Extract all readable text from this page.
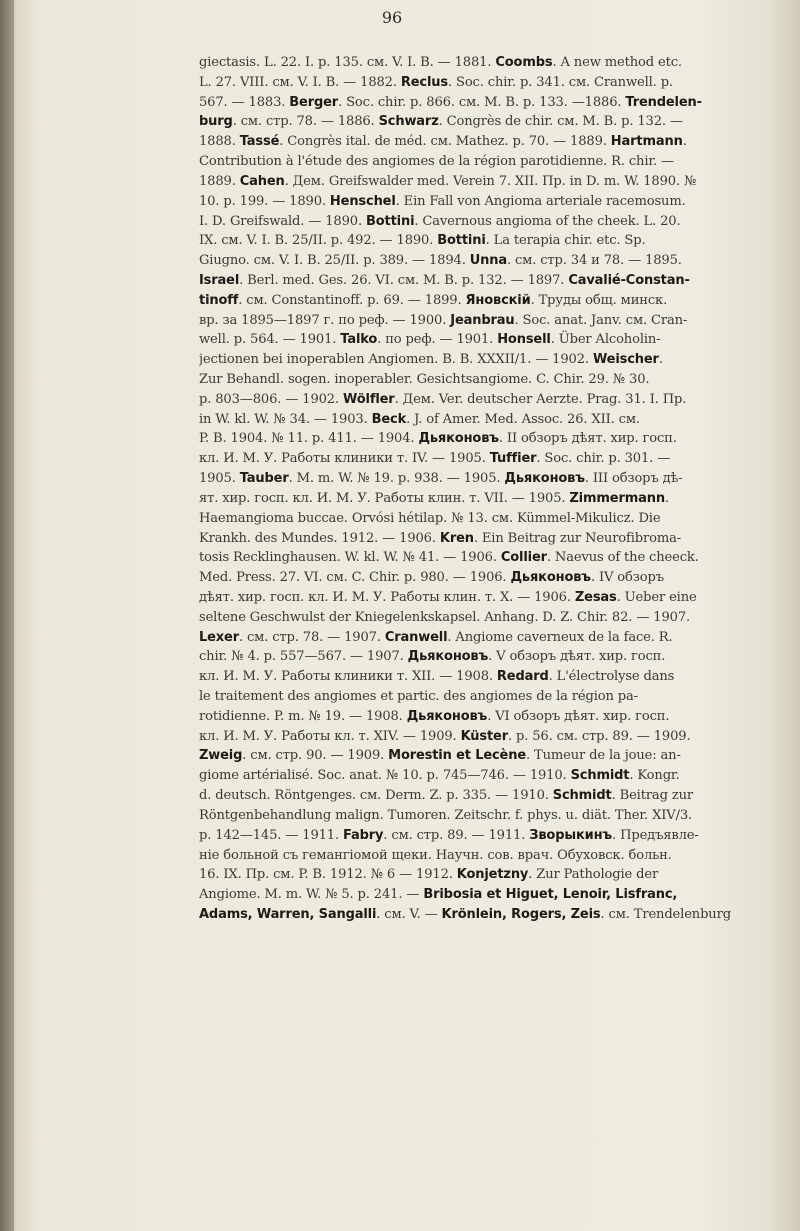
96
giectasis. L. 22. I. p. 135. см. V. I. B. — 1881. Coombs. A new method etc.
L. 27. VIII. см. V. I. B. — 1882. Reclus. Soc. chir. p. 341. см. Cranwell. p.
567. — 1883. Berger. Soc. chir. p. 866. см. M. B. p. 133. —1886. Trendelen-
burg. см. стр. 78. — 1886. Schwarz. Congrès de chir. см. M. B. p. 132. —
1888. Tassé. Congrès ital. de méd. см. Mathez. p. 70. — 1889. Hartmann.
Contribution à l'étude des angiomes de la région parotidienne. R. chir. —
1889. Cahen. Дем. Greifswalder med. Verein 7. XII. Пр. in D. m. W. 1890. №
10. p. 199. — 1890. Henschel. Ein Fall von Angioma arteriale racemosum.
I. D. Greifswald. — 1890. Bottini. Cavernous angioma of the cheek. L. 20.
IX. см. V. I. B. 25/II. p. 492. — 1890. Bottini. La terapia chir. etc. Sp.
Giugno. см. V. I. B. 25/II. p. 389. — 1894. Unna. см. стр. 34 и 78. — 1895.
Israel. Berl. med. Ges. 26. VI. см. M. B. p. 132. — 1897. Cavalié-Constan-
tinoff. см. Constantinoff. p. 69. — 1899. Яновскій. Труды общ. минск.
вр. за 1895—1897 г. по реф. — 1900. Jeanbrau. Soc. anat. Janv. см. Cran-
well. p. 564. — 1901. Talko. по реф. — 1901. Honsell. Über Alcoholin-
jectionen bei inoperablen Angiomen. B. B. XXXII/1. — 1902. Weischer.
Zur Behandl. sogen. inoperabler. Gesichtsangiome. C. Chir. 29. № 30.
p. 803—806. — 1902. Wölfler. Дем. Ver. deutscher Aerzte. Prag. 31. I. Пр.
in W. kl. W. № 34. — 1903. Beck. J. of Amer. Med. Assoc. 26. XII. см.
P. B. 1904. № 11. p. 411. — 1904. Дьяконовъ. II обзоръ дѣят. хир. госп.
кл. И. М. У. Работы клиники т. IV. — 1905. Tuffier. Soc. chir. p. 301. —
1905. Tauber. M. m. W. № 19. p. 938. — 1905. Дьяконовъ. III обзоръ дѣ-
ят. хир. госп. кл. И. М. У. Работы клин. т. VII. — 1905. Zimmermann.
Haemangioma buccae. Orvósi hétilap. № 13. см. Kümmel-Mikulicz. Die
Krankh. des Mundes. 1912. — 1906. Kren. Ein Beitrag zur Neurofibroma-
tosis Recklinghausen. W. kl. W. № 41. — 1906. Collier. Naevus of the cheeck.
Med. Press. 27. VI. см. C. Chir. p. 980. — 1906. Дьяконовъ. IV обзоръ
дѣят. хир. госп. кл. И. М. У. Работы клин. т. X. — 1906. Zesas. Ueber eine
seltene Geschwulst der Kniegelenkskapsel. Anhang. D. Z. Chir. 82. — 1907.
Lexer. см. стр. 78. — 1907. Cranwell. Angiome caverneux de la face. R.
chir. № 4. p. 557—567. — 1907. Дьяконовъ. V обзоръ дѣят. хир. госп.
кл. И. М. У. Работы клиники т. XII. — 1908. Redard. L'électrolyse dans
le traitement des angiomes et partic. des angiomes de la région pa-
rotidienne. P. m. № 19. — 1908. Дьяконовъ. VI обзоръ дѣят. хир. госп.
кл. И. М. У. Работы кл. т. XIV. — 1909. Küster. p. 56. см. стр. 89. — 1909.
Zweig. см. стр. 90. — 1909. Morestin et Lecène. Tumeur de la joue: an-
giome artérialisé. Soc. anat. № 10. p. 745—746. — 1910. Schmidt. Kongr.
d. deutsch. Röntgenges. см. Derm. Z. p. 335. — 1910. Schmidt. Beitrag zur
Röntgenbehandlung malign. Tumoren. Zeitschr. f. phys. u. diät. Ther. XIV/3.
p. 142—145. — 1911. Fabry. см. стр. 89. — 1911. Зворыкинъ. Предъявле-
ніе больной съ гемангіомой щеки. Научн. сов. врач. Обуховск. больн.
16. IX. Пр. см. P. B. 1912. № 6 — 1912. Konjetzny. Zur Pathologie der
Angiome. M. m. W. № 5. p. 241. — Bribosia et Higuet, Lenoir, Lisfranc,
Adams, Warren, Sangalli. см. V. — Krönlein, Rogers, Zeis. см. Trendelenburg
